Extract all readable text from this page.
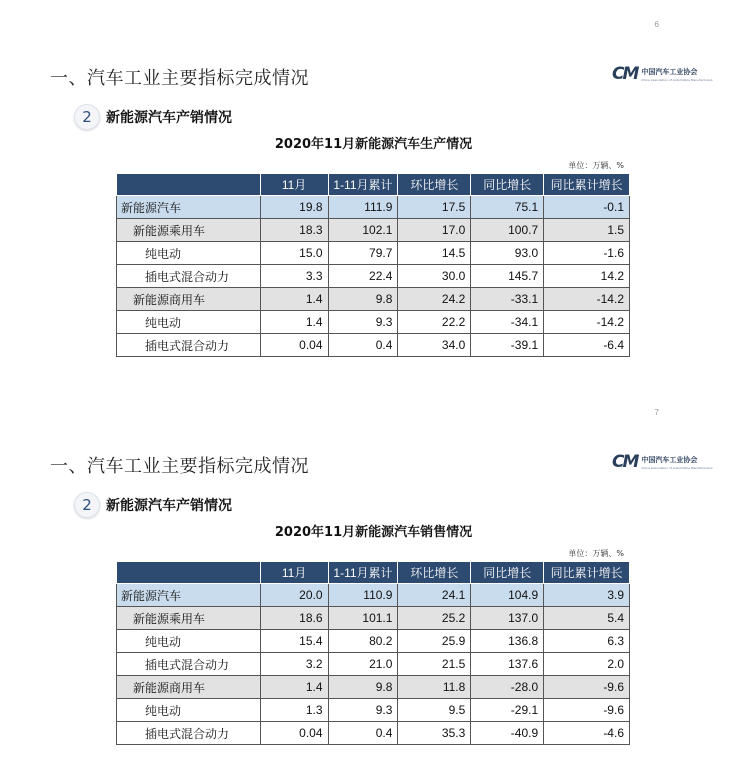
6
一、汽车工业主要指标完成情况	CM 中国汽车工业协会
China Association of Automobile Manufacturers
2	新能源汽车产销情况
2020年11月新能源汽车生产情况
单位：万辆、%
	11月	1-11月累计	环比增长	同比增长	同比累计增长
新能源汽车	19.8	111.9	17.5	75.1	-0.1
新能源乘用车	18.3	102.1	17.0	100.7	1.5
纯电动	15.0	79.7	14.5	93.0	-1.6
插电式混合动力	3.3	22.4	30.0	145.7	14.2
新能源商用车	1.4	9.8	24.2	-33.1	-14.2
纯电动	1.4	9.3	22.2	-34.1	-14.2
插电式混合动力	0.04	0.4	34.0	-39.1	-6.4
7
一、汽车工业主要指标完成情况	CM 中国汽车工业协会
China Association of Automobile Manufacturers
2	新能源汽车产销情况
2020年11月新能源汽车销售情况
单位：万辆、%
	11月	1-11月累计	环比增长	同比增长	同比累计增长
新能源汽车	20.0	110.9	24.1	104.9	3.9
新能源乘用车	18.6	101.1	25.2	137.0	5.4
纯电动	15.4	80.2	25.9	136.8	6.3
插电式混合动力	3.2	21.0	21.5	137.6	2.0
新能源商用车	1.4	9.8	11.8	-28.0	-9.6
纯电动	1.3	9.3	9.5	-29.1	-9.6
插电式混合动力	0.04	0.4	35.3	-40.9	-4.6
